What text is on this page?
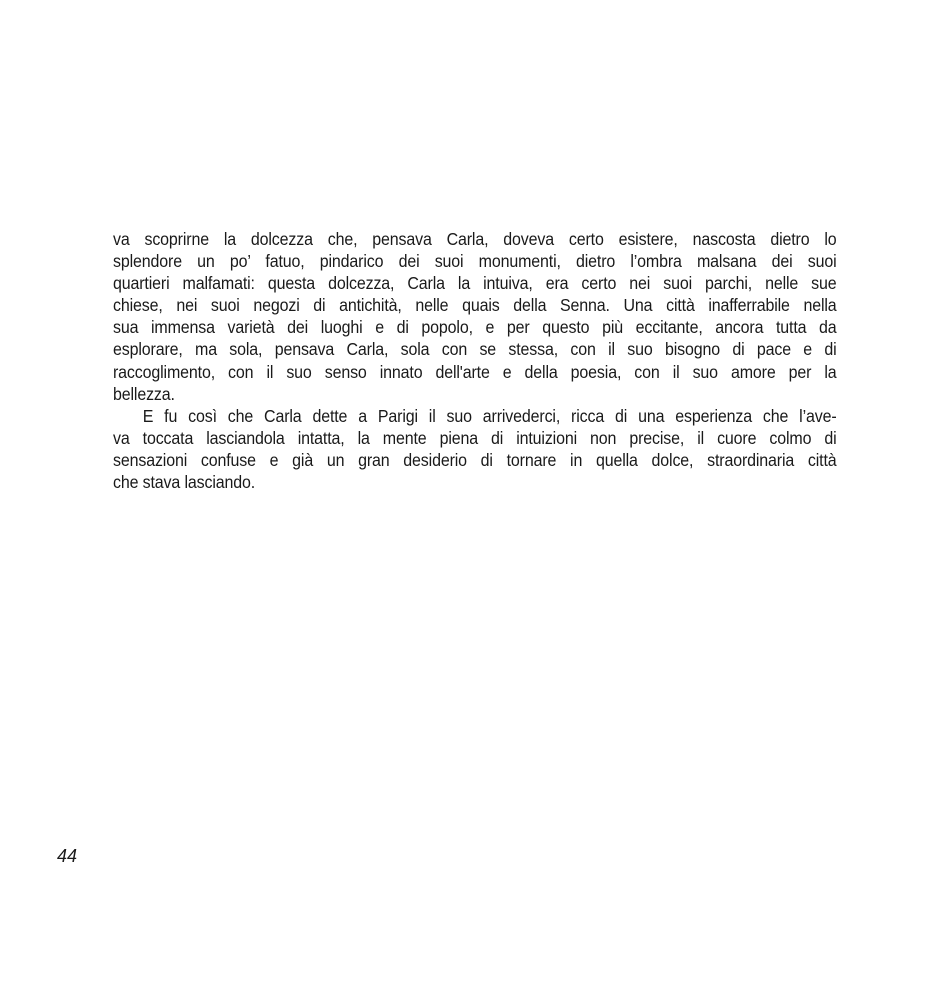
va scoprirne la dolcezza che, pensava Carla, doveva certo esistere, nascosta dietro lo
splendore un po’ fatuo, pindarico dei suoi monumenti, dietro l’ombra malsana dei suoi
quartieri malfamati: questa dolcezza, Carla la intuiva, era certo nei suoi parchi, nelle sue
chiese, nei suoi negozi di antichità, nelle quais della Senna. Una città inafferrabile nella
sua immensa varietà dei luoghi e di popolo, e per questo più eccitante, ancora tutta da
esplorare, ma sola, pensava Carla, sola con se stessa, con il suo bisogno di pace e di
raccoglimento, con il suo senso innato dell'arte e della poesia, con il suo amore per la
bellezza.
E fu così che Carla dette a Parigi il suo arrivederci, ricca di una esperienza che l’ave-
va toccata lasciandola intatta, la mente piena di intuizioni non precise, il cuore colmo di
sensazioni confuse e già un gran desiderio di tornare in quella dolce, straordinaria città
che stava lasciando.
44
